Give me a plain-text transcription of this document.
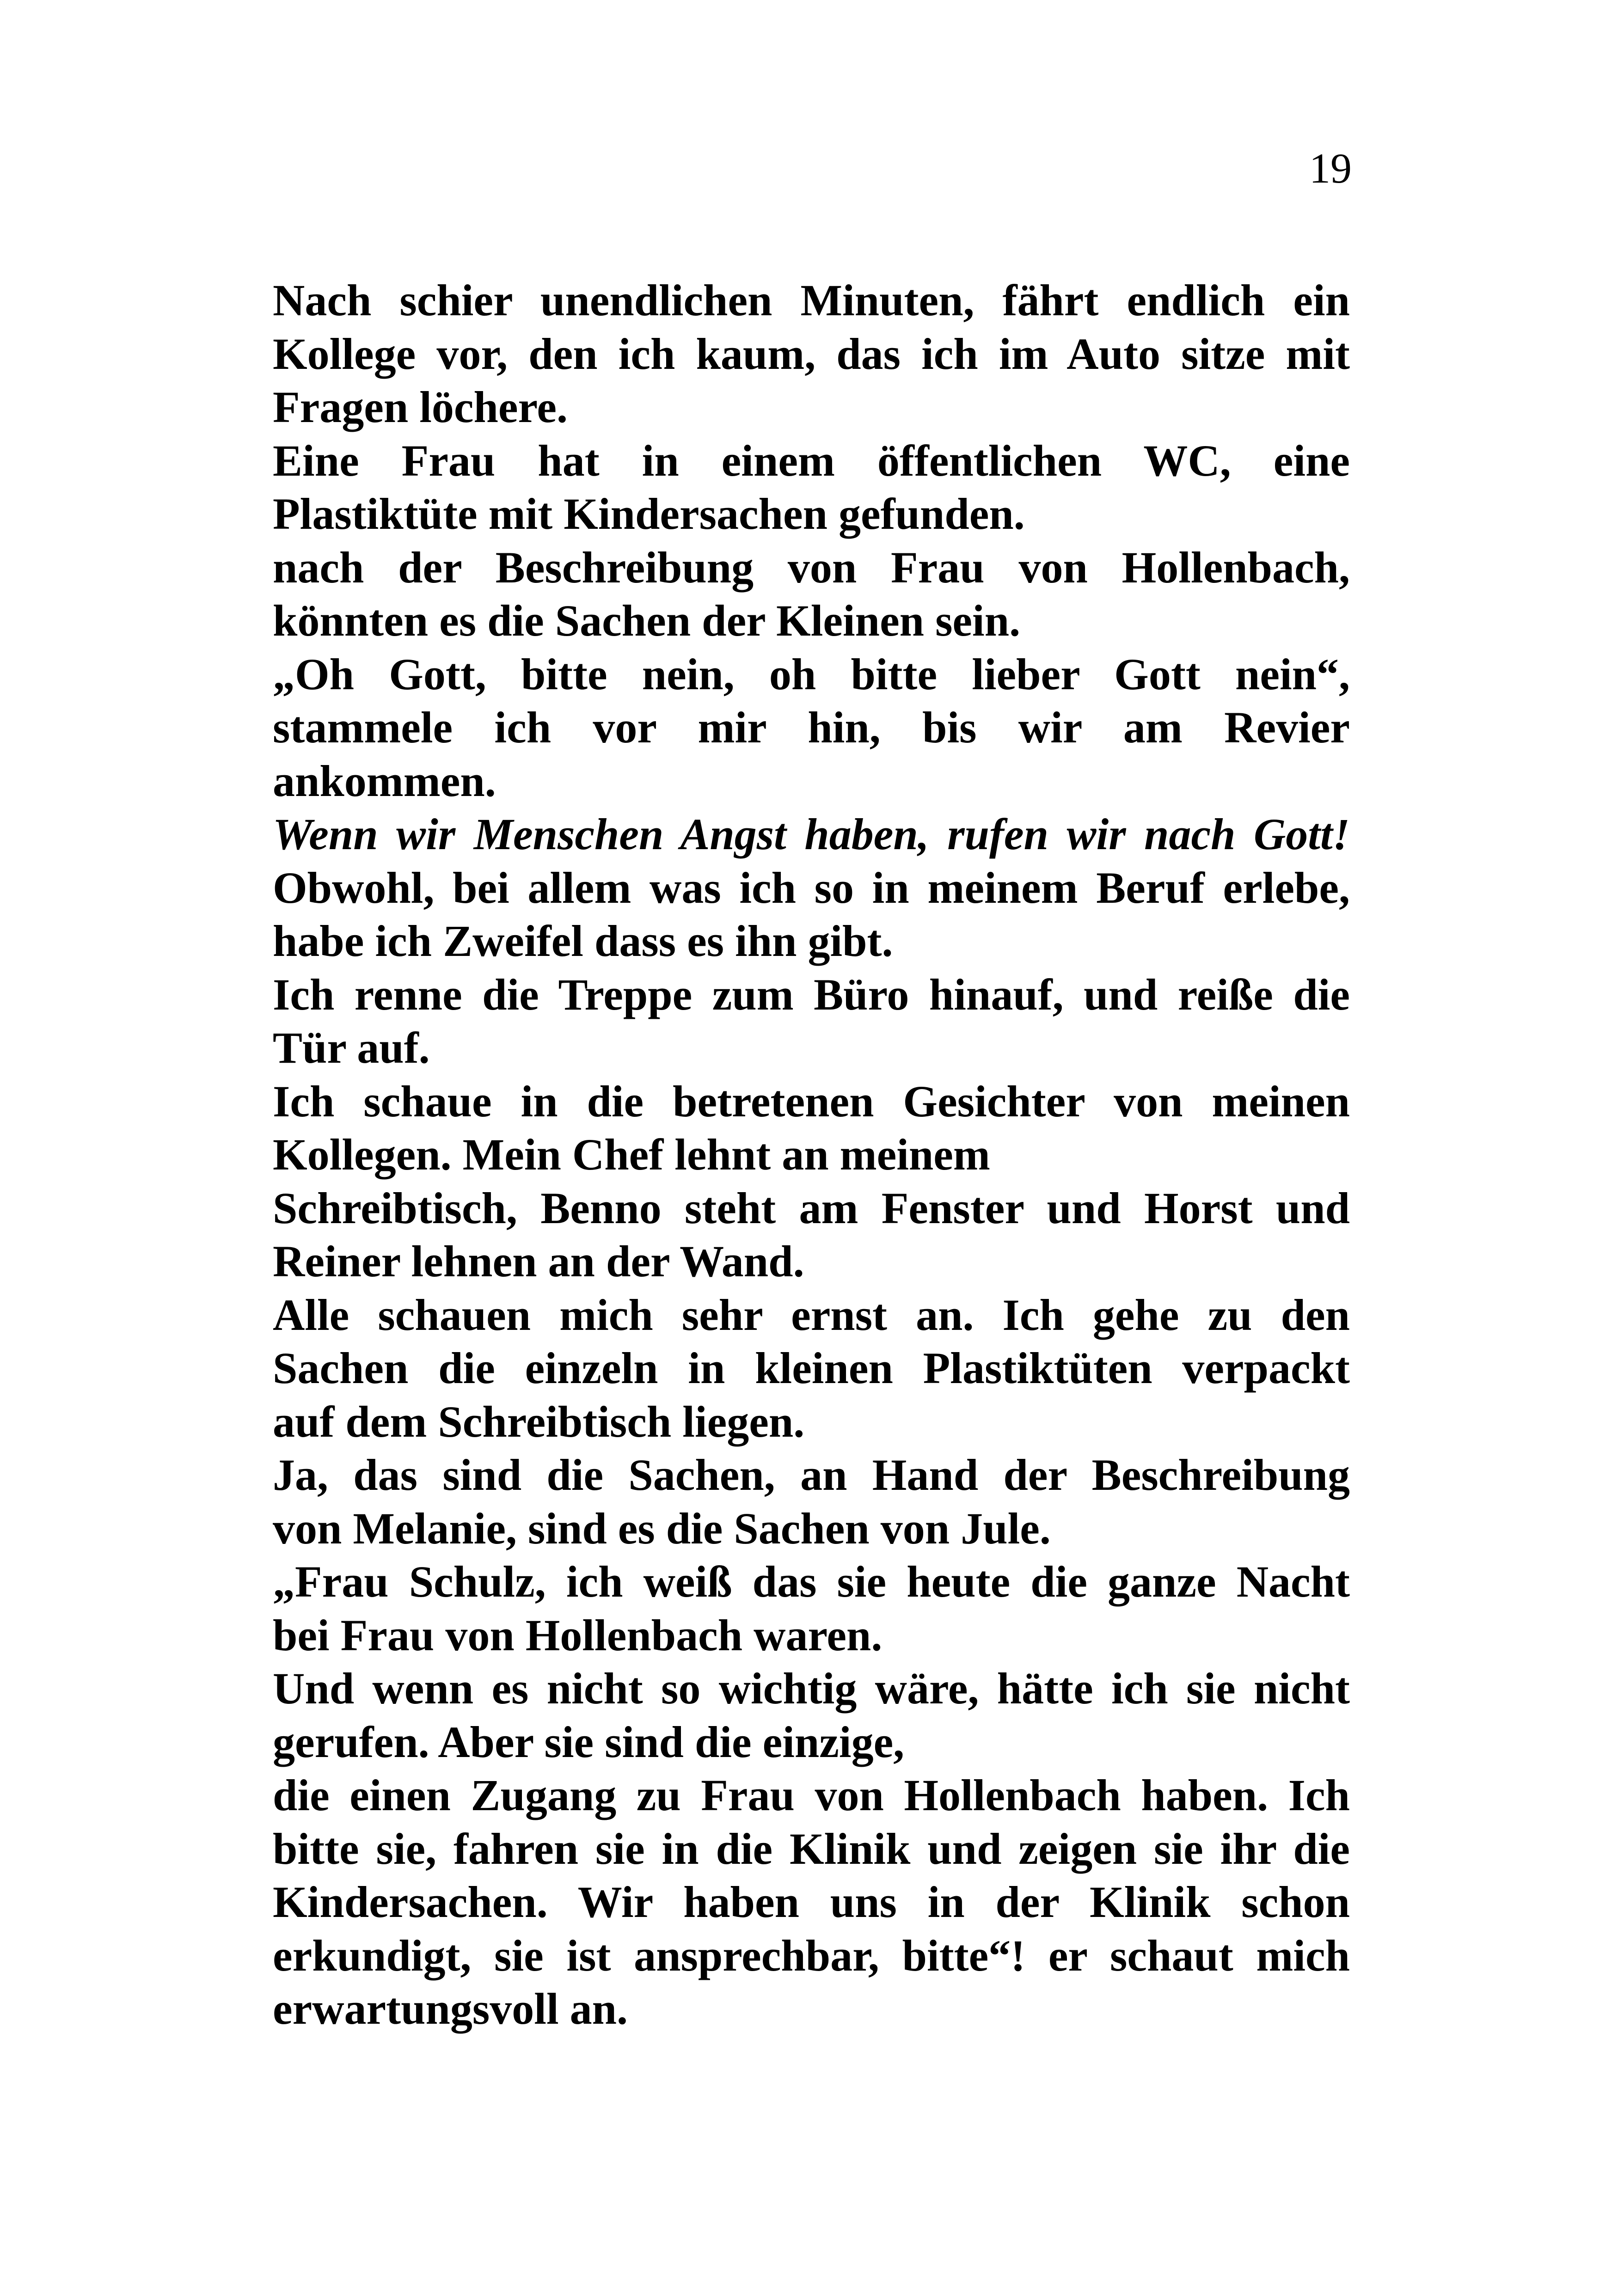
19
Nach schier unendlichen Minuten, fährt endlich ein
Kollege vor, den ich kaum, das ich im Auto sitze mit
Fragen löchere.
Eine Frau hat in einem öffentlichen WC, eine
Plastiktüte mit Kindersachen gefunden.
nach der Beschreibung von Frau von Hollenbach,
könnten es die Sachen der Kleinen sein.
„Oh Gott, bitte nein, oh bitte lieber Gott nein“,
stammele ich vor mir hin, bis wir am Revier
ankommen.
Wenn wir Menschen Angst haben, rufen wir nach Gott!
Obwohl, bei allem was ich so in meinem Beruf erlebe,
habe ich Zweifel dass es ihn gibt.
Ich renne die Treppe zum Büro hinauf, und reiße die
Tür auf.
Ich schaue in die betretenen Gesichter von meinen
Kollegen. Mein Chef lehnt an meinem
Schreibtisch, Benno steht am Fenster und Horst und
Reiner lehnen an der Wand.
Alle schauen mich sehr ernst an. Ich gehe zu den
Sachen die einzeln in kleinen Plastiktüten verpackt
auf dem Schreibtisch liegen.
Ja, das sind die Sachen, an Hand der Beschreibung
von Melanie, sind es die Sachen von Jule.
„Frau Schulz, ich weiß das sie heute die ganze Nacht
bei Frau von Hollenbach waren.
Und wenn es nicht so wichtig wäre, hätte ich sie nicht
gerufen. Aber sie sind die einzige,
die einen Zugang zu Frau von Hollenbach haben. Ich
bitte sie, fahren sie in die Klinik und zeigen sie ihr die
Kindersachen. Wir haben uns in der Klinik schon
erkundigt, sie ist ansprechbar, bitte“! er schaut mich
erwartungsvoll an.
